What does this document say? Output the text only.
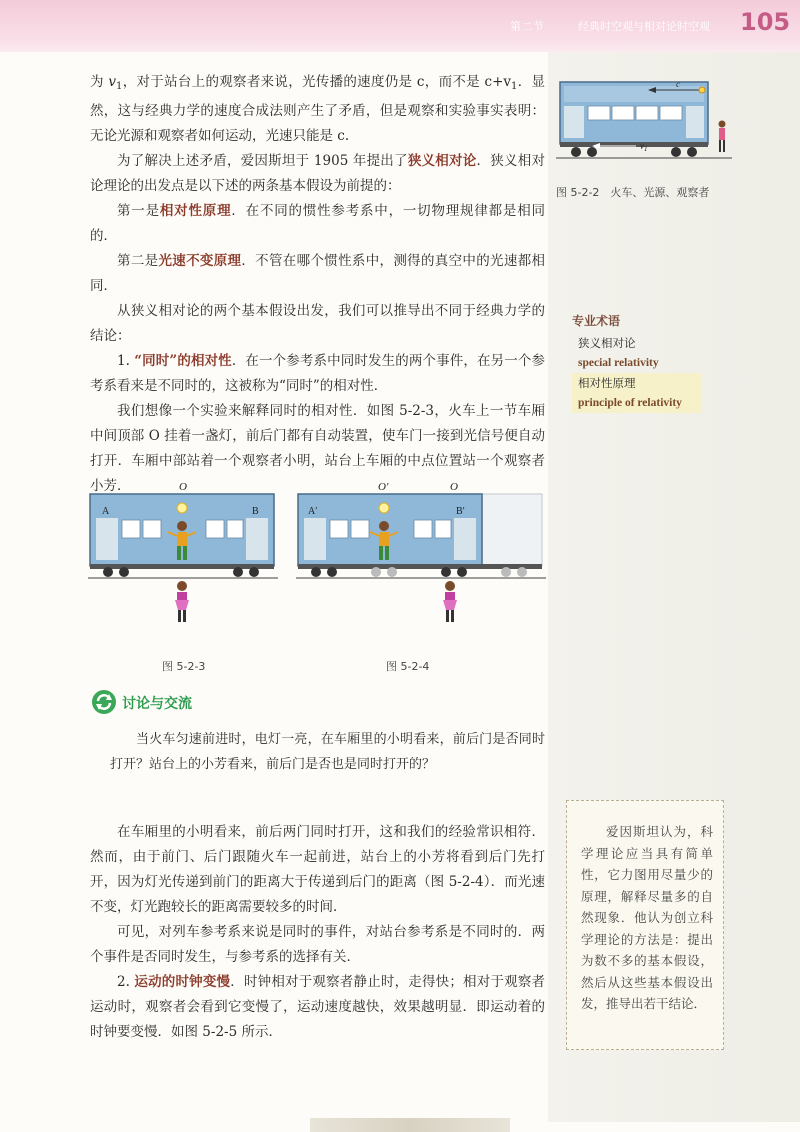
第二节	经典时空观与相对论时空观 105

为 $v_1$，对于站台上的观察者来说，光传播的速度仍是 c，而不是 $c+v_1$．显然，这与经典力学的速度合成法则产生了矛盾，但是观察和实验事实表明：无论光源和观察者如何运动，光速只能是 c.

为了解决上述矛盾，爱因斯坦于 1905 年提出了狭义相对论．狭义相对论理论的出发点是以下述的两条基本假设为前提的：

第一是相对性原理．在不同的惯性参考系中，一切物理规律都是相同的．

第二是光速不变原理．不管在哪个惯性系中，测得的真空中的光速都相同．

从狭义相对论的两个基本假设出发，我们可以推导出不同于经典力学的结论：

1. “同时”的相对性．在一个参考系中同时发生的两个事件，在另一个参考系看来是不同时的，这被称为“同时”的相对性．

我们想像一个实验来解释同时的相对性．如图 5-2-3，火车上一节车厢中间顶部 O 挂着一盏灯，前后门都有自动装置，使车门一接到光信号便自动打开．车厢中部站着一个观察者小明，站台上车厢的中点位置站一个观察者小芳．

c
$v_1$
图 5-2-2　火车、光源、观察者
专业术语
狭义相对论
special relativity
相对性原理
principle of relativity
O
A	B
图 5-2-3
O′	O
A′	B′
图 5-2-4
讨论与交流

当火车匀速前进时，电灯一亮，在车厢里的小明看来，前后门是否同时打开？站台上的小芳看来，前后门是否也是同时打开的？

在车厢里的小明看来，前后两门同时打开，这和我们的经验常识相符．然而，由于前门、后门跟随火车一起前进，站台上的小芳将看到后门先打开，因为灯光传递到前门的距离大于传递到后门的距离（图 5-2-4）．而光速不变，灯光跑较长的距离需要较多的时间．

可见，对列车参考系来说是同时的事件，对站台参考系是不同时的．两个事件是否同时发生，与参考系的选择有关．

2. 运动的时钟变慢．时钟相对于观察者静止时，走得快；相对于观察者运动时，观察者会看到它变慢了，运动速度越快，效果越明显．即运动着的时钟要变慢．如图 5-2-5 所示．

爱因斯坦认为，科学理论应当具有简单性，它力图用尽量少的原理，解释尽量多的自然现象．他认为创立科学理论的方法是：提出为数不多的基本假设，然后从这些基本假设出发，推导出若干结论．
